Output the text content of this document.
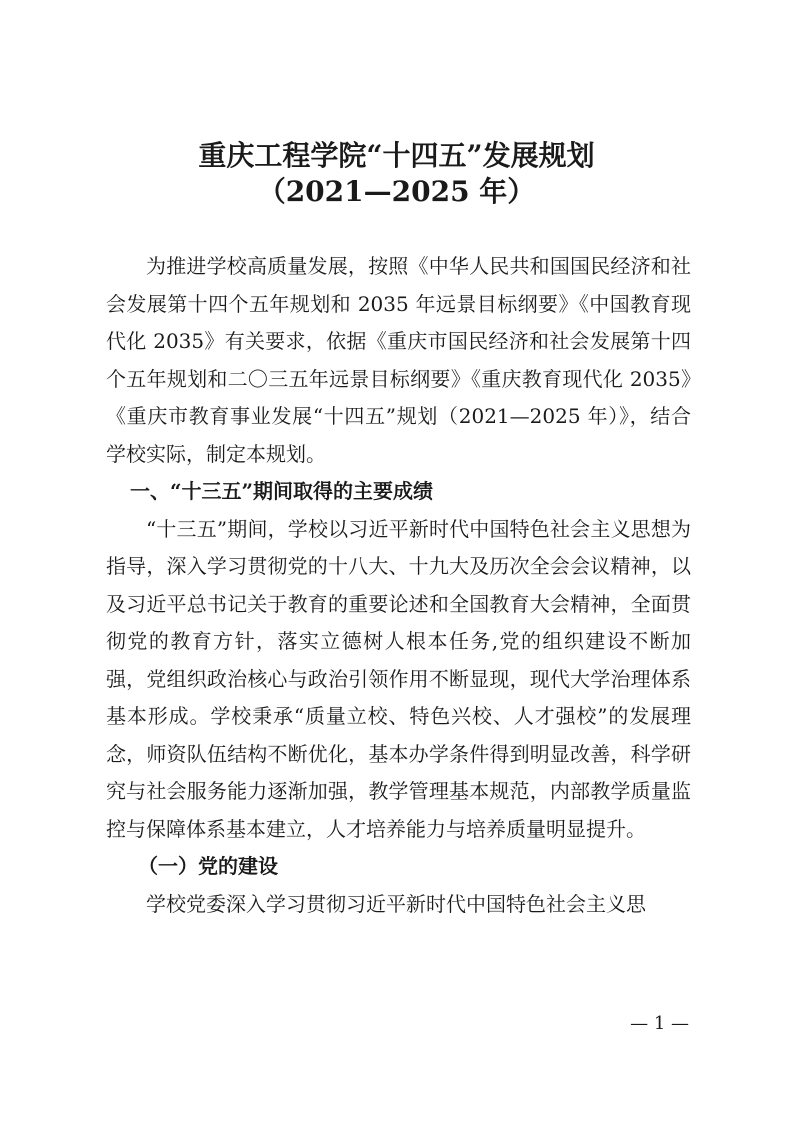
重庆工程学院“十四五”发展规划
（2021—2025 年）

为推进学校高质量发展，按照《中华人民共和国国民经济和社会发展第十四个五年规划和 2035 年远景目标纲要》《中国教育现代化 2035》有关要求，依据《重庆市国民经济和社会发展第十四个五年规划和二〇三五年远景目标纲要》《重庆教育现代化 2035》《重庆市教育事业发展“十四五”规划（2021—2025 年）》，结合学校实际，制定本规划。

一、“十三五”期间取得的主要成绩

“十三五”期间，学校以习近平新时代中国特色社会主义思想为指导，深入学习贯彻党的十八大、十九大及历次全会会议精神，以及习近平总书记关于教育的重要论述和全国教育大会精神，全面贯彻党的教育方针，落实立德树人根本任务,党的组织建设不断加强，党组织政治核心与政治引领作用不断显现，现代大学治理体系基本形成。学校秉承“质量立校、特色兴校、人才强校”的发展理念，师资队伍结构不断优化，基本办学条件得到明显改善，科学研究与社会服务能力逐渐加强，教学管理基本规范，内部教学质量监控与保障体系基本建立，人才培养能力与培养质量明显提升。

（一）党的建设

学校党委深入学习贯彻习近平新时代中国特色社会主义思

— 1 —
